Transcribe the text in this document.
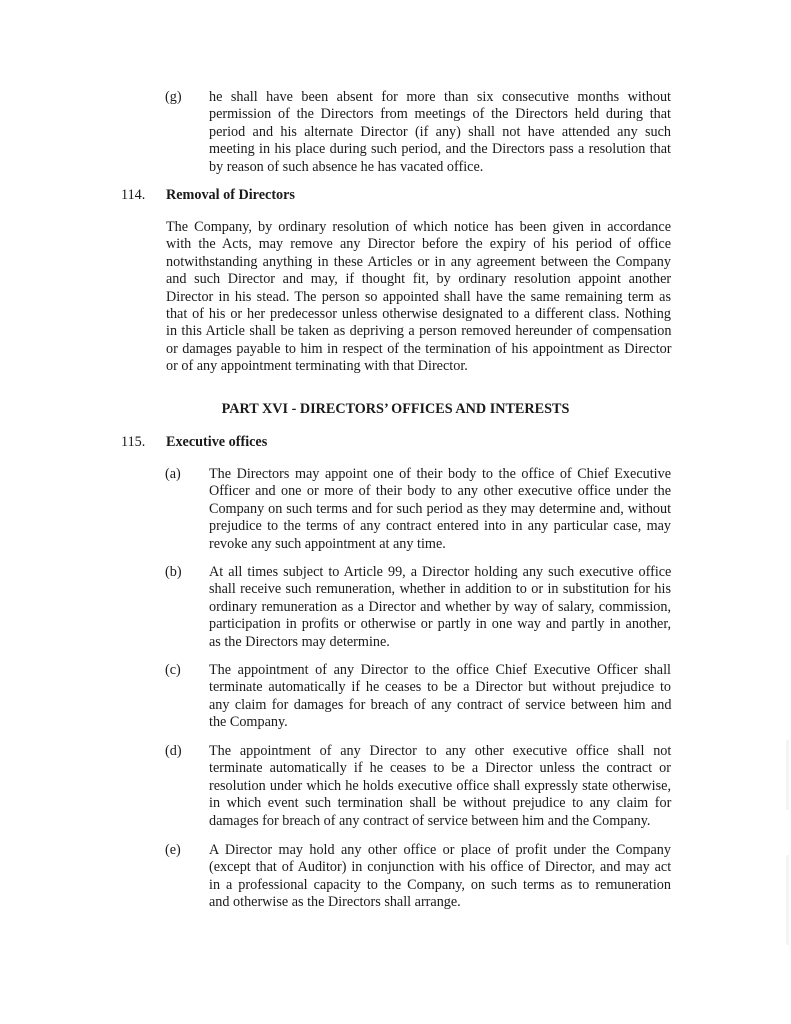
(g) he shall have been absent for more than six consecutive months without
permission of the Directors from meetings of the Directors held during that
period and his alternate Director (if any) shall not have attended any such
meeting in his place during such period, and the Directors pass a resolution that
by reason of such absence he has vacated office.
114. Removal of Directors
The Company, by ordinary resolution of which notice has been given in accordance
with the Acts, may remove any Director before the expiry of his period of office
notwithstanding anything in these Articles or in any agreement between the Company
and such Director and may, if thought fit, by ordinary resolution appoint another
Director in his stead. The person so appointed shall have the same remaining term as
that of his or her predecessor unless otherwise designated to a different class. Nothing
in this Article shall be taken as depriving a person removed hereunder of compensation
or damages payable to him in respect of the termination of his appointment as Director
or of any appointment terminating with that Director.
PART XVI - DIRECTORS’ OFFICES AND INTERESTS
115. Executive offices
(a) The Directors may appoint one of their body to the office of Chief Executive
Officer and one or more of their body to any other executive office under the
Company on such terms and for such period as they may determine and, without
prejudice to the terms of any contract entered into in any particular case, may
revoke any such appointment at any time.
(b) At all times subject to Article 99, a Director holding any such executive office
shall receive such remuneration, whether in addition to or in substitution for his
ordinary remuneration as a Director and whether by way of salary, commission,
participation in profits or otherwise or partly in one way and partly in another,
as the Directors may determine.
(c) The appointment of any Director to the office Chief Executive Officer shall
terminate automatically if he ceases to be a Director but without prejudice to
any claim for damages for breach of any contract of service between him and
the Company.
(d) The appointment of any Director to any other executive office shall not
terminate automatically if he ceases to be a Director unless the contract or
resolution under which he holds executive office shall expressly state otherwise,
in which event such termination shall be without prejudice to any claim for
damages for breach of any contract of service between him and the Company.
(e) A Director may hold any other office or place of profit under the Company
(except that of Auditor) in conjunction with his office of Director, and may act
in a professional capacity to the Company, on such terms as to remuneration
and otherwise as the Directors shall arrange.
